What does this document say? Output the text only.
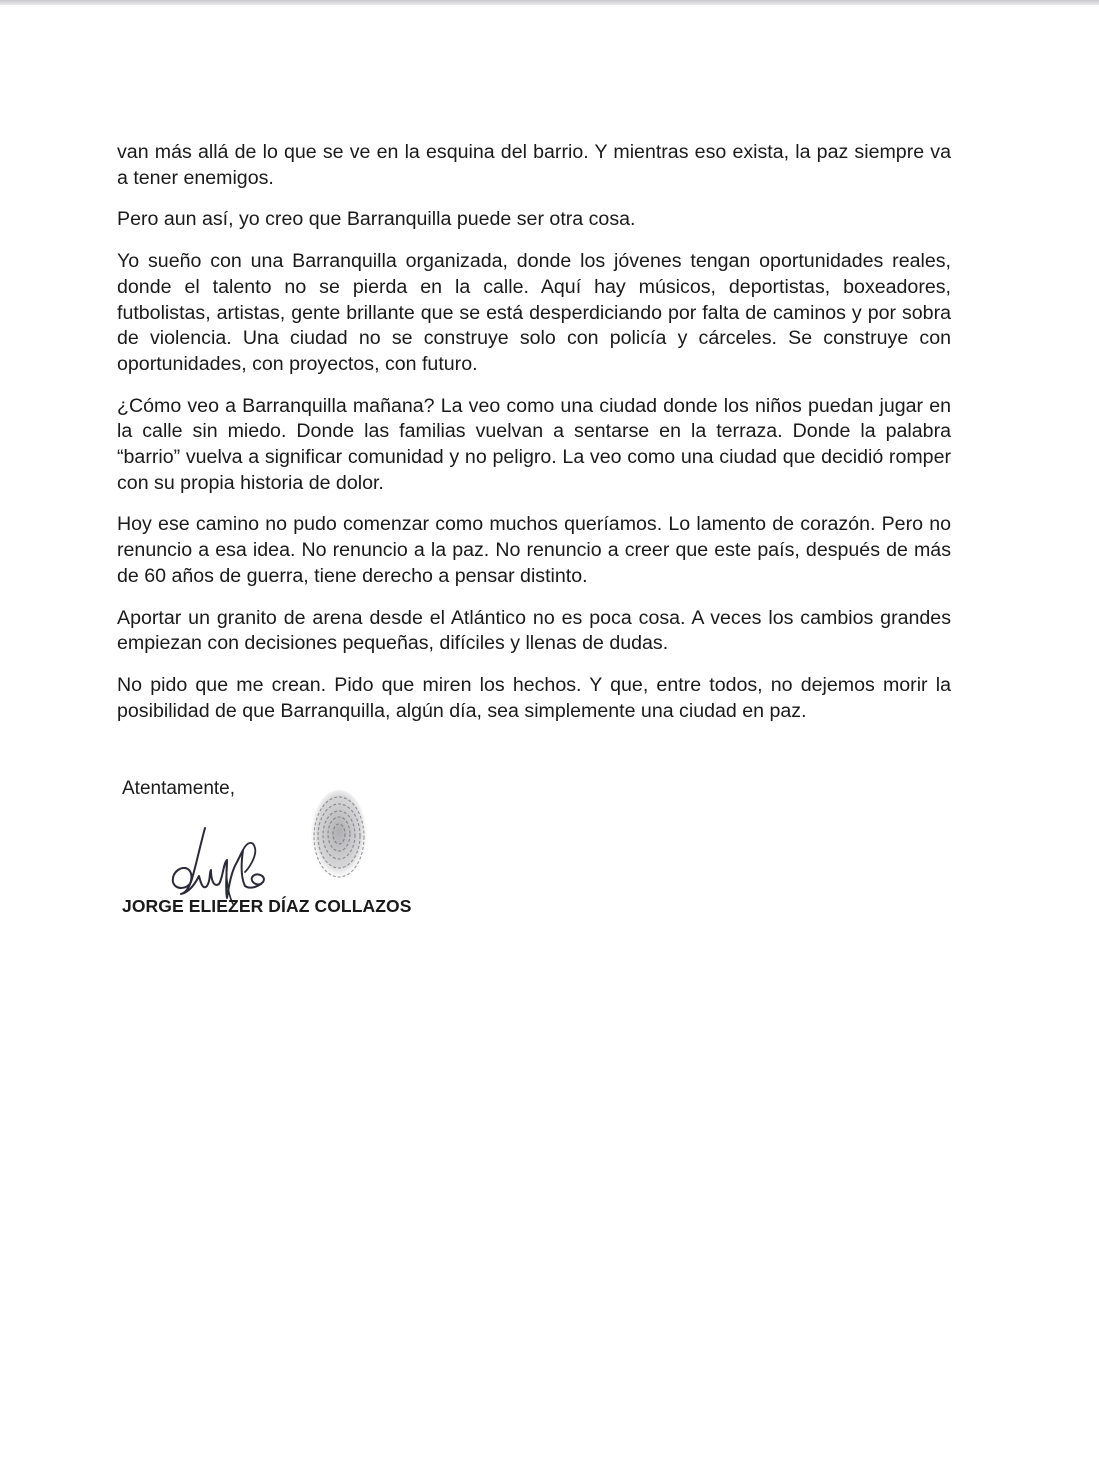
van más allá de lo que se ve en la esquina del barrio. Y mientras eso exista, la paz siempre va a tener enemigos.

Pero aun así, yo creo que Barranquilla puede ser otra cosa.

Yo sueño con una Barranquilla organizada, donde los jóvenes tengan oportunidades reales, donde el talento no se pierda en la calle. Aquí hay músicos, deportistas, boxeadores, futbolistas, artistas, gente brillante que se está desperdiciando por falta de caminos y por sobra de violencia. Una ciudad no se construye solo con policía y cárceles. Se construye con oportunidades, con proyectos, con futuro.

¿Cómo veo a Barranquilla mañana? La veo como una ciudad donde los niños puedan jugar en la calle sin miedo. Donde las familias vuelvan a sentarse en la terraza. Donde la palabra “barrio” vuelva a significar comunidad y no peligro. La veo como una ciudad que decidió romper con su propia historia de dolor.

Hoy ese camino no pudo comenzar como muchos queríamos. Lo lamento de corazón. Pero no renuncio a esa idea. No renuncio a la paz. No renuncio a creer que este país, después de más de 60 años de guerra, tiene derecho a pensar distinto.

Aportar un granito de arena desde el Atlántico no es poca cosa. A veces los cambios grandes empiezan con decisiones pequeñas, difíciles y llenas de dudas.

No pido que me crean. Pido que miren los hechos. Y que, entre todos, no dejemos morir la posibilidad de que Barranquilla, algún día, sea simplemente una ciudad en paz.

Atentamente,

JORGE ELIEZER DÍAZ COLLAZOS
